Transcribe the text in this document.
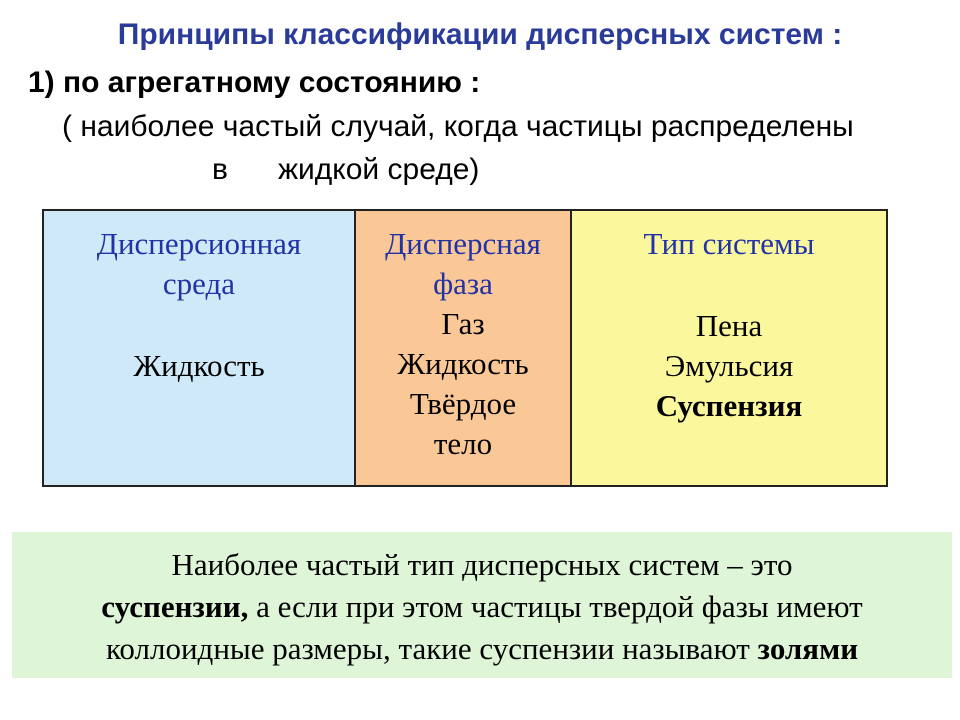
Принципы классификации дисперсных систем :
1) по агрегатному состоянию :
( наиболее частый случай, когда частицы распределены
в      жидкой среде)
Дисперсионная
среда
Жидкость
Дисперсная
фаза
Газ
Жидкость
Твёрдое
тело
Тип системы
Пена
Эмульсия
Суспензия
Наиболее частый тип дисперсных систем – это
суспензии, а если при этом частицы твердой фазы имеют
коллоидные размеры, такие суспензии называют золями
